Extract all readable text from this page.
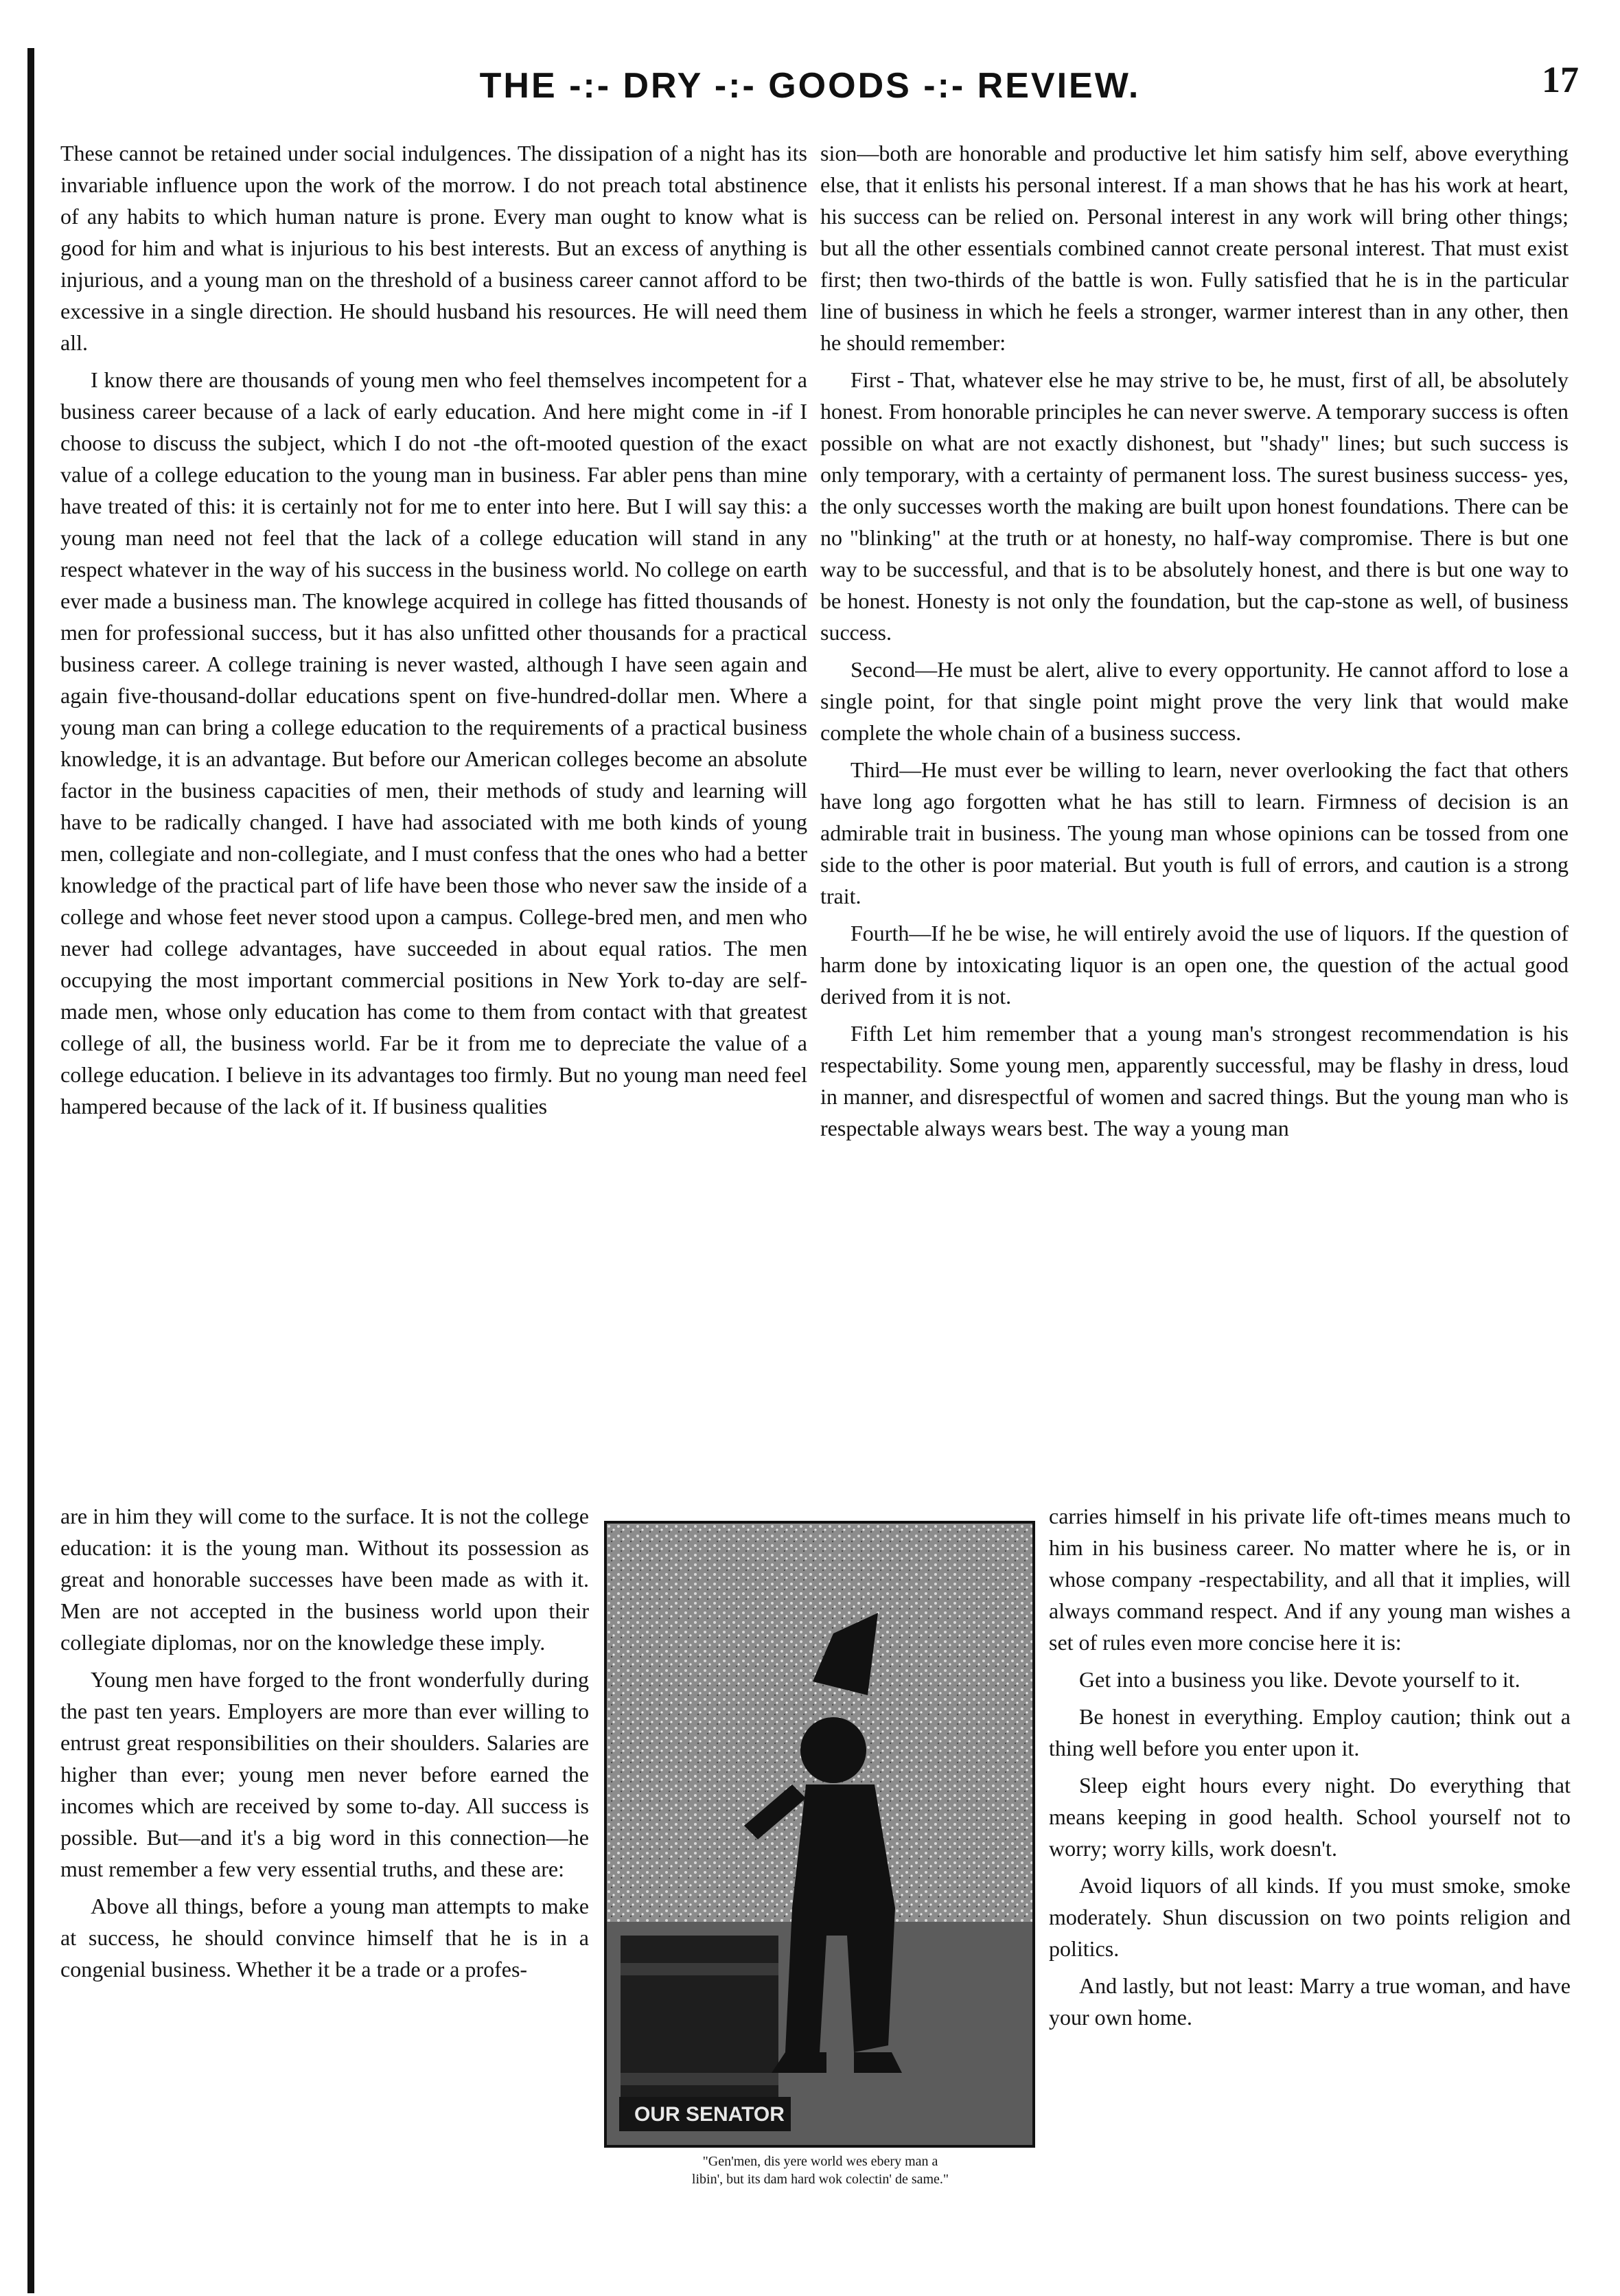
THE -:- DRY -:- GOODS -:- REVIEW.	17

These cannot be retained under social indulgences. The dissipation of a night has its invariable influence upon the work of the morrow. I do not preach total abstinence of any habits to which human nature is prone. Every man ought to know what is good for him and what is injurious to his best interests. But an excess of anything is injurious, and a young man on the threshold of a business career cannot afford to be excessive in a single direction. He should husband his resources. He will need them all.

I know there are thousands of young men who feel themselves incompetent for a business career because of a lack of early education. And here might come in -if I choose to discuss the subject, which I do not -the oft-mooted question of the exact value of a college education to the young man in business. Far abler pens than mine have treated of this: it is certainly not for me to enter into here. But I will say this: a young man need not feel that the lack of a college education will stand in any respect whatever in the way of his success in the business world. No college on earth ever made a business man. The knowlege acquired in college has fitted thousands of men for professional success, but it has also unfitted other thousands for a practical business career. A college training is never wasted, although I have seen again and again five-thousand-dollar educations spent on five-hundred-dollar men. Where a young man can bring a college education to the requirements of a practical business knowledge, it is an advantage. But before our American colleges become an absolute factor in the business capacities of men, their methods of study and learning will have to be radically changed. I have had associated with me both kinds of young men, collegiate and non-collegiate, and I must confess that the ones who had a better knowledge of the practical part of life have been those who never saw the inside of a college and whose feet never stood upon a campus. College-bred men, and men who never had college advantages, have succeeded in about equal ratios. The men occupying the most important commercial positions in New York to-day are self-made men, whose only education has come to them from contact with that greatest college of all, the business world. Far be it from me to depreciate the value of a college education. I believe in its advantages too firmly. But no young man need feel hampered because of the lack of it. If business qualities

are in him they will come to the surface. It is not the college education: it is the young man. Without its possession as great and honorable successes have been made as with it. Men are not accepted in the business world upon their collegiate diplomas, nor on the knowledge these imply.

Young men have forged to the front wonderfully during the past ten years. Employers are more than ever willing to entrust great responsibilities on their shoulders. Salaries are higher than ever; young men never before earned the incomes which are received by some to-day. All success is possible. But—and it's a big word in this connection—he must remember a few very essential truths, and these are:

Above all things, before a young man attempts to make at success, he should convince himself that he is in a congenial business. Whether it be a trade or a profes-

sion—both are honorable and productive let him satisfy him self, above everything else, that it enlists his personal interest. If a man shows that he has his work at heart, his success can be relied on. Personal interest in any work will bring other things; but all the other essentials combined cannot create personal interest. That must exist first; then two-thirds of the battle is won. Fully satisfied that he is in the particular line of business in which he feels a stronger, warmer interest than in any other, then he should remember:

First - That, whatever else he may strive to be, he must, first of all, be absolutely honest. From honorable principles he can never swerve. A temporary success is often possible on what are not exactly dishonest, but "shady" lines; but such success is only temporary, with a certainty of permanent loss. The surest business success- yes, the only successes worth the making are built upon honest foundations. There can be no "blinking" at the truth or at honesty, no half-way compromise. There is but one way to be successful, and that is to be absolutely honest, and there is but one way to be honest. Honesty is not only the foundation, but the cap-stone as well, of business success.

Second—He must be alert, alive to every opportunity. He cannot afford to lose a single point, for that single point might prove the very link that would make complete the whole chain of a business success.

Third—He must ever be willing to learn, never overlooking the fact that others have long ago forgotten what he has still to learn. Firmness of decision is an admirable trait in business. The young man whose opinions can be tossed from one side to the other is poor material. But youth is full of errors, and caution is a strong trait.

Fourth—If he be wise, he will entirely avoid the use of liquors. If the question of harm done by intoxicating liquor is an open one, the question of the actual good derived from it is not.

Fifth Let him remember that a young man's strongest recommendation is his respectability. Some young men, apparently successful, may be flashy in dress, loud in manner, and disrespectful of women and sacred things. But the young man who is respectable always wears best. The way a young man

carries himself in his private life oft-times means much to him in his business career. No matter where he is, or in whose company -respectability, and all that it implies, will always command respect. And if any young man wishes a set of rules even more concise here it is:

Get into a business you like. Devote yourself to it.

Be honest in everything. Employ caution; think out a thing well before you enter upon it.

Sleep eight hours every night. Do everything that means keeping in good health. School yourself not to worry; worry kills, work doesn't.

Avoid liquors of all kinds. If you must smoke, smoke moderately. Shun discussion on two points religion and politics.

And lastly, but not least: Marry a true woman, and have your own home.

OUR SENATOR
"Gen'men, dis yere world wes ebery man a
libin', but its dam hard wok colectin' de same."
